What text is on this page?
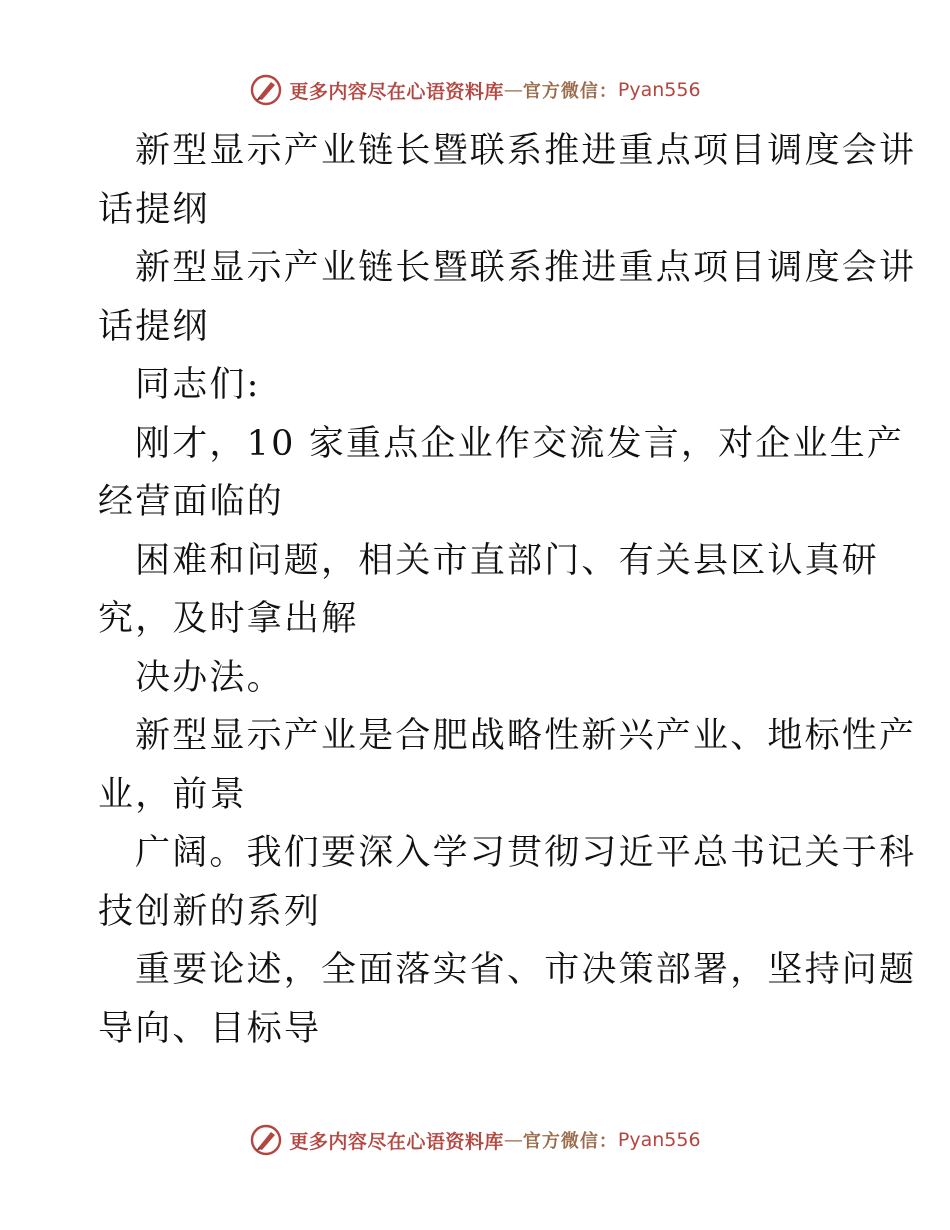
更多内容尽在心语资料库 — 官方微信： Pyan556
新型显示产业链长暨联系推进重点项目调度会讲
话提纲
新型显示产业链长暨联系推进重点项目调度会讲
话提纲
同志们:
刚才，10 家重点企业作交流发言，对企业生产
经营面临的
困难和问题，相关市直部门、有关县区认真研
究，及时拿出解
决办法。
新型显示产业是合肥战略性新兴产业、地标性产
业，前景
广阔。我们要深入学习贯彻习近平总书记关于科
技创新的系列
重要论述，全面落实省、市决策部署，坚持问题
导向、目标导
更多内容尽在心语资料库 — 官方微信： Pyan556
